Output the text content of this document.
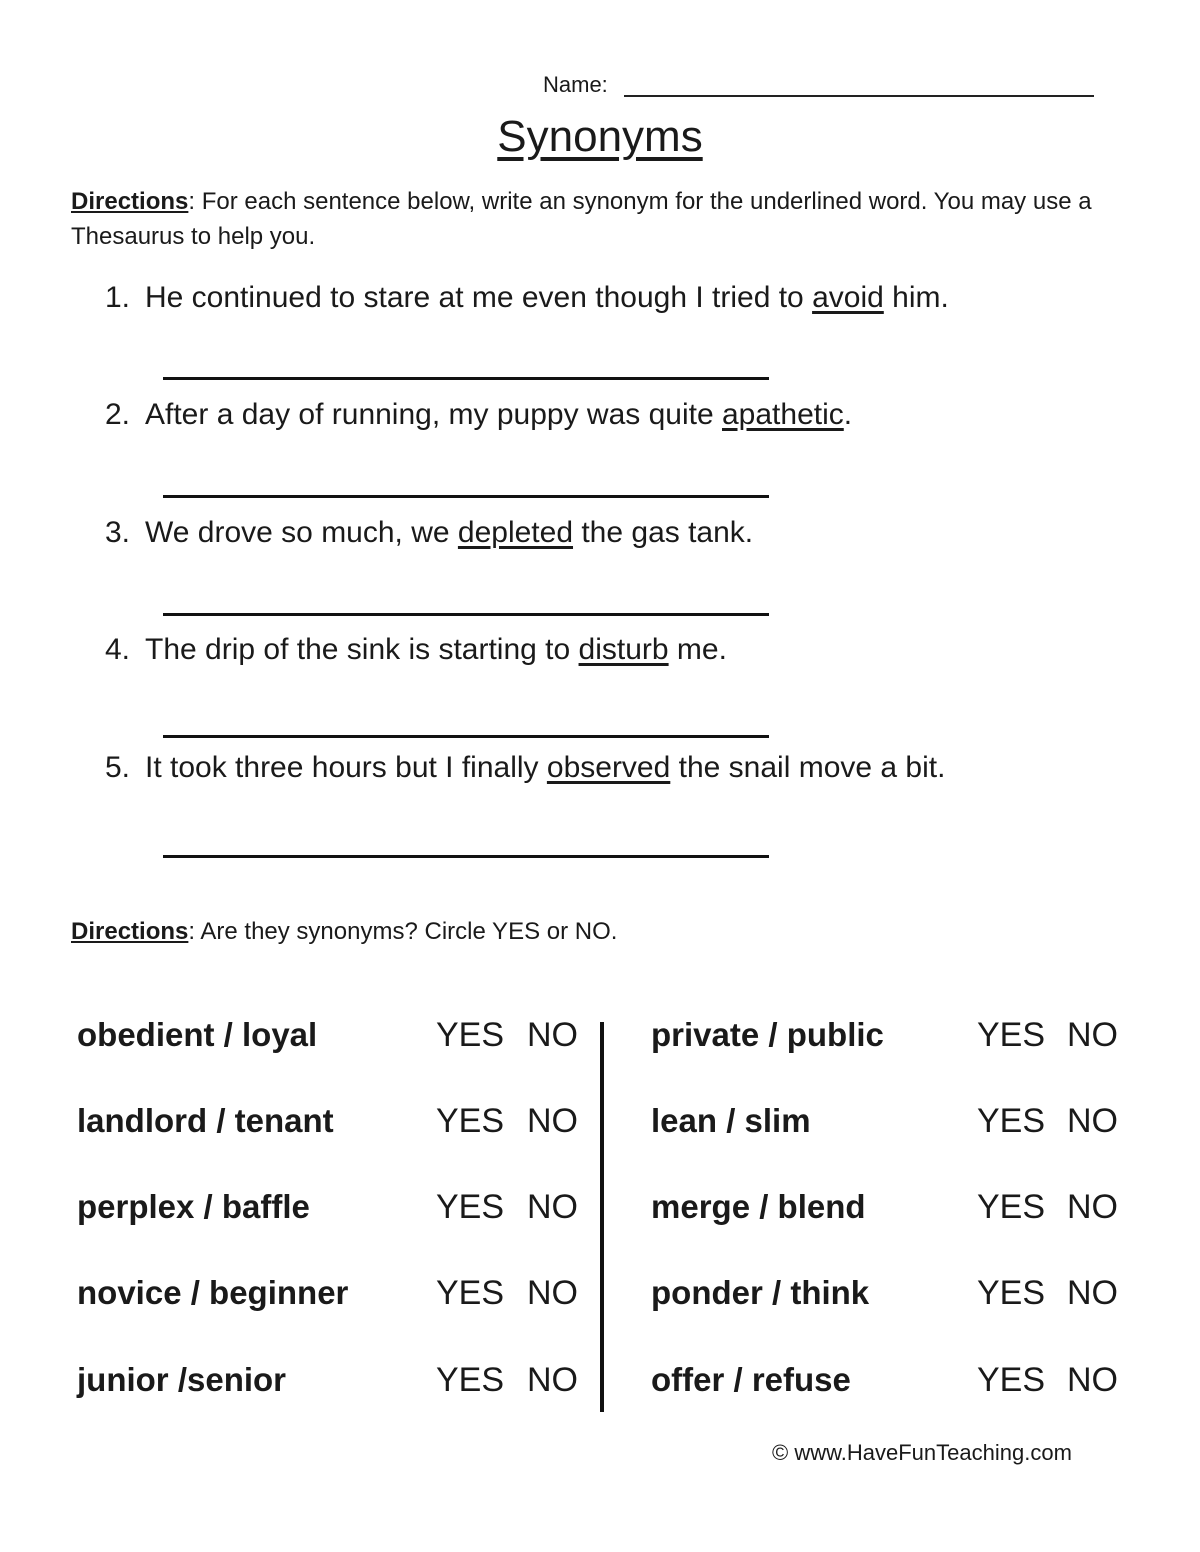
Name:
Synonyms
Directions: For each sentence below, write an synonym for the underlined word. You may use a Thesaurus to help you.
1. He continued to stare at me even though I tried to avoid him.
2. After a day of running, my puppy was quite apathetic.
3. We drove so much, we depleted the gas tank.
4. The drip of the sink is starting to disturb me.
5. It took three hours but I finally observed the snail move a bit.
Directions: Are they synonyms? Circle YES or NO.
obedient / loyal	YES NO
landlord / tenant	YES NO
perplex / baffle	YES NO
novice / beginner	YES NO
junior /senior	YES NO
private / public	YES NO
lean / slim	YES NO
merge / blend	YES NO
ponder / think	YES NO
offer / refuse	YES NO
© www.HaveFunTeaching.com
